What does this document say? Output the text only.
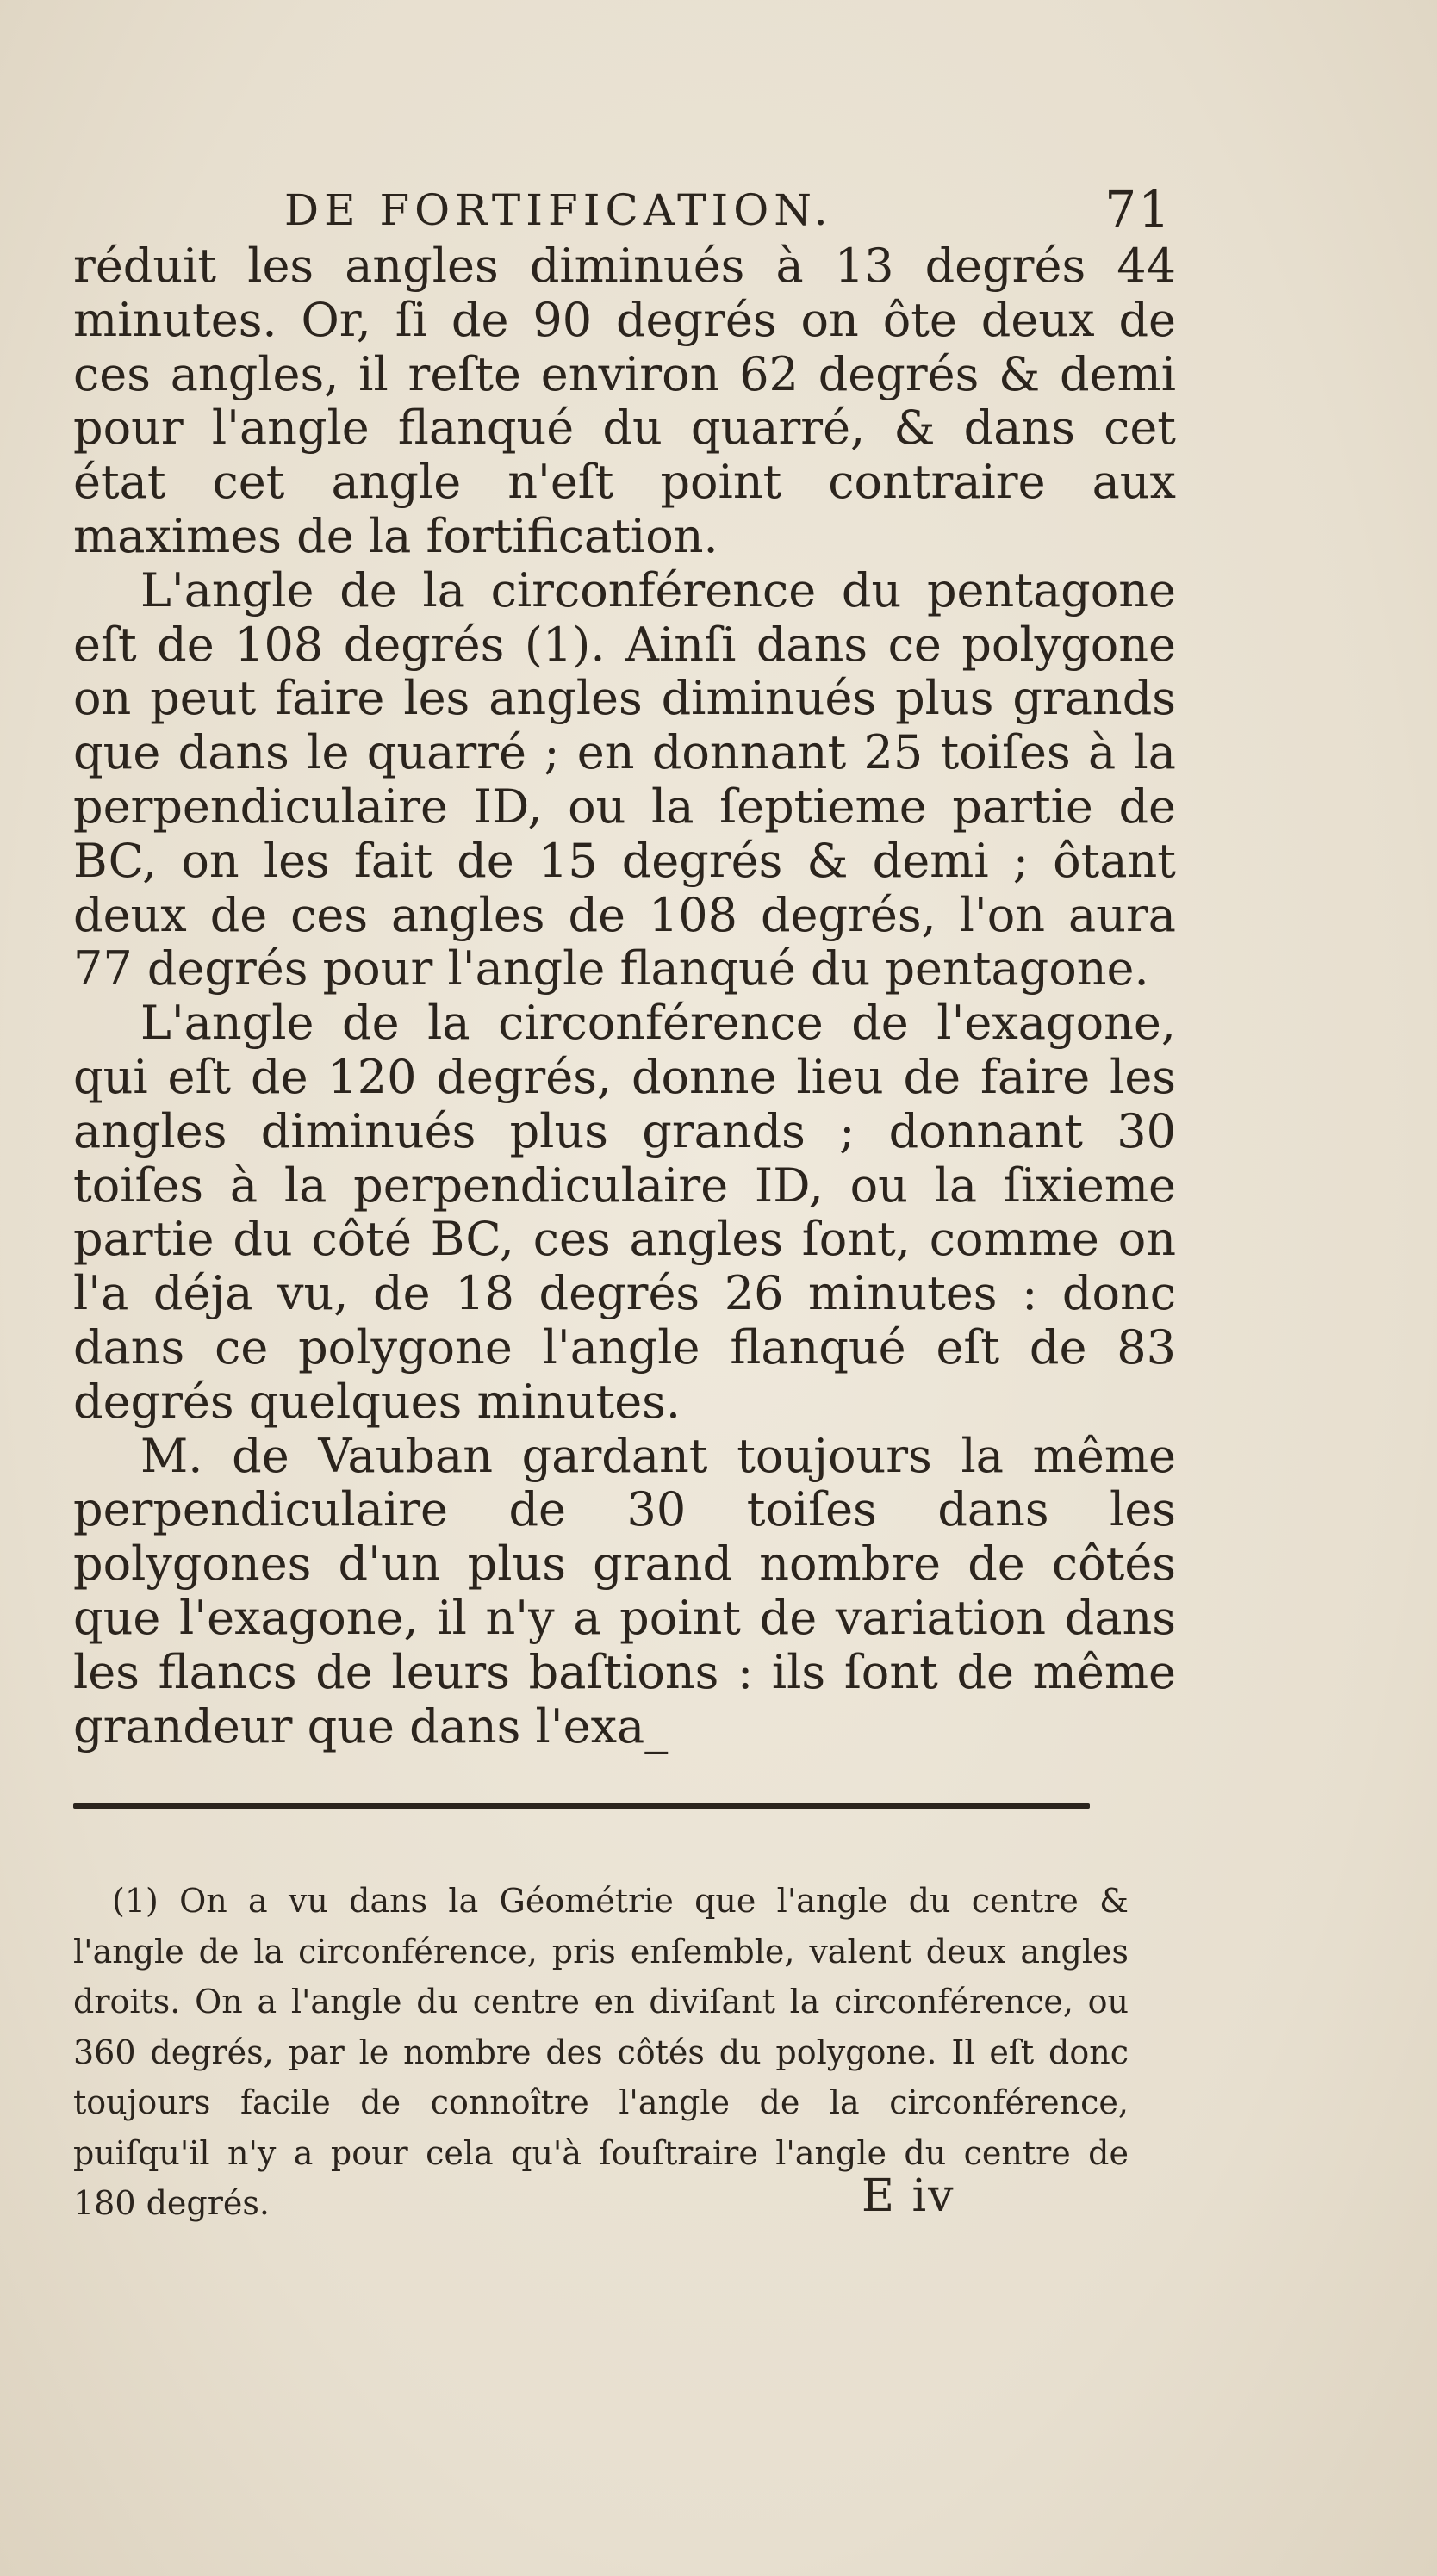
DE FORTIFICATION.	71

réduit les angles diminués à 13 degrés 44 minutes. Or, ſi de 90 degrés on ôte deux de ces angles, il reſte environ 62 degrés & demi pour l'angle flanqué du quarré, & dans cet état cet angle n'eſt point contraire aux maximes de la fortification.

L'angle de la circonférence du pentagone eſt de 108 degrés (1). Ainſi dans ce polygone on peut faire les angles diminués plus grands que dans le quarré ; en donnant 25 toiſes à la perpendiculaire ID, ou la ſeptieme partie de BC, on les fait de 15 degrés & demi ; ôtant deux de ces angles de 108 degrés, l'on aura 77 degrés pour l'angle flanqué du pentagone.

L'angle de la circonférence de l'exagone, qui eſt de 120 degrés, donne lieu de faire les angles diminués plus grands ; donnant 30 toiſes à la perpendiculaire ID, ou la ſixieme partie du côté BC, ces angles ſont, comme on l'a déja vu, de 18 degrés 26 minutes : donc dans ce polygone l'angle flanqué eſt de 83 degrés quelques minutes.

M. de Vauban gardant toujours la même perpendiculaire de 30 toiſes dans les polygones d'un plus grand nombre de côtés que l'exagone, il n'y a point de variation dans les flancs de leurs baſtions : ils ſont de même grandeur que dans l'exa_

(1) On a vu dans la Géométrie que l'angle du centre & l'angle de la circonférence, pris enſemble, valent deux angles droits. On a l'angle du centre en diviſant la circonférence, ou 360 degrés, par le nombre des côtés du polygone. Il eſt donc toujours facile de connoître l'angle de la circonférence, puiſqu'il n'y a pour cela qu'à ſouſtraire l'angle du centre de 180 degrés.	E iv
